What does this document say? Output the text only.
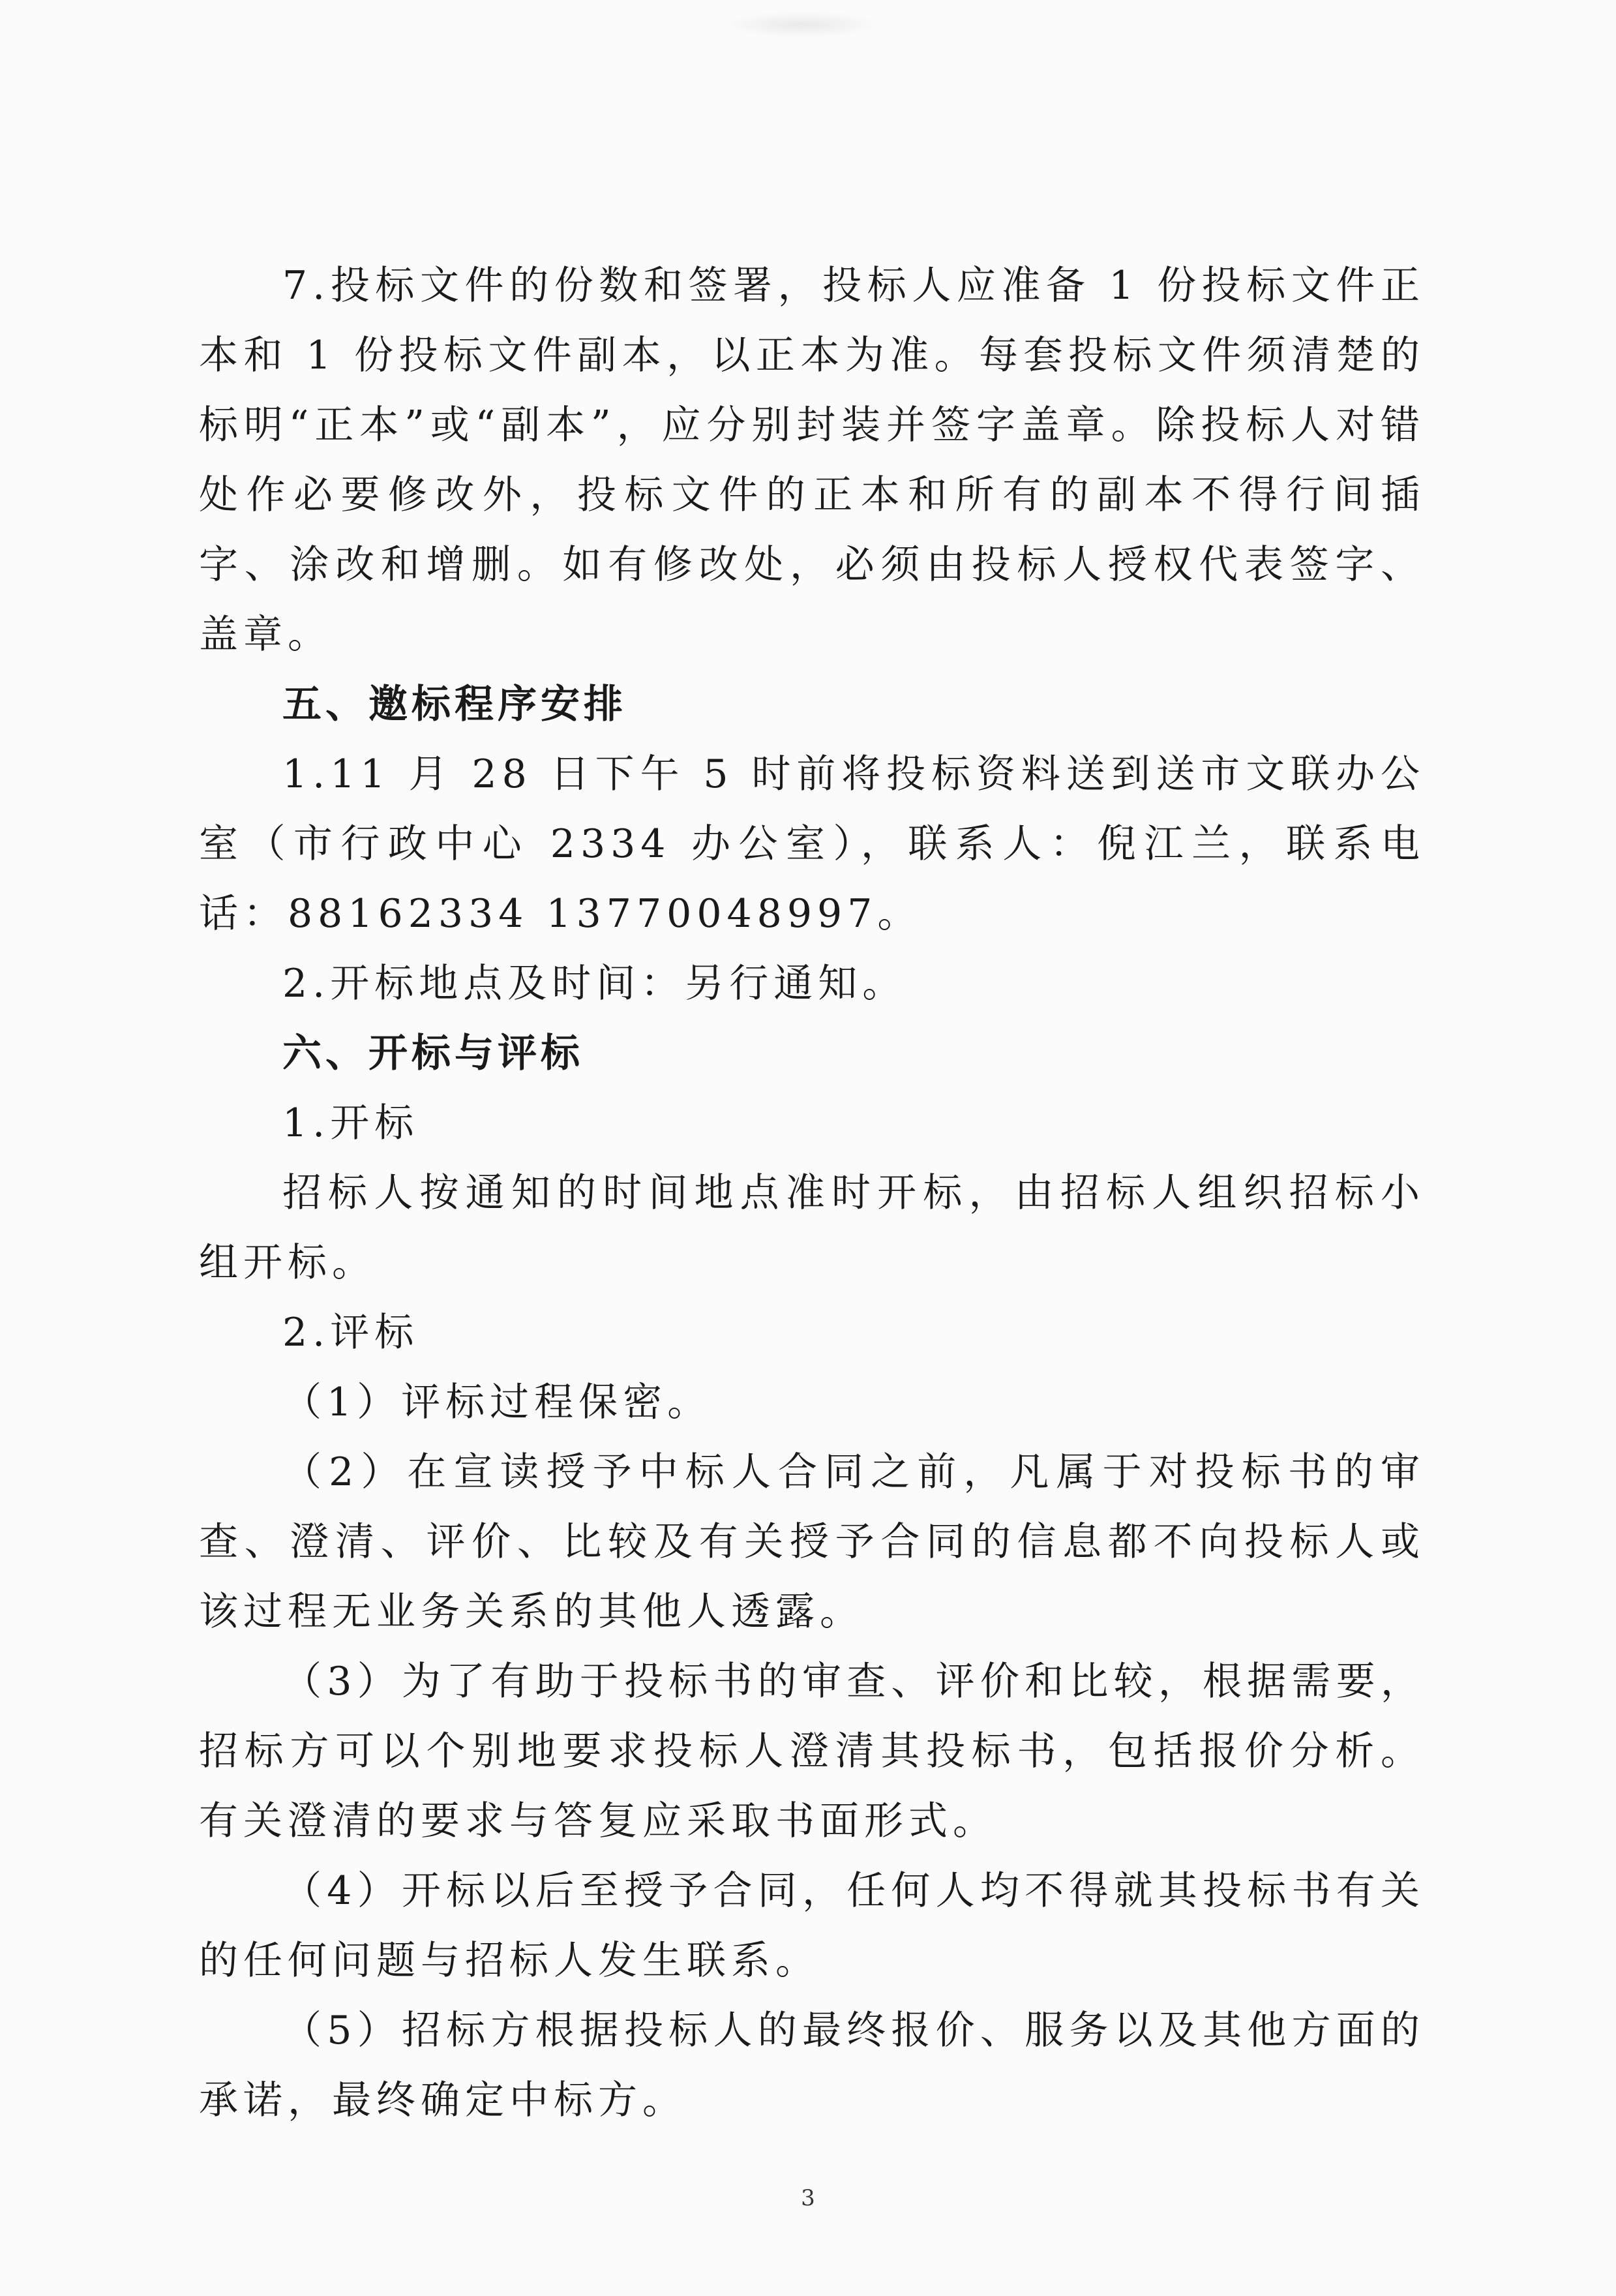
7.投标文件的份数和签署，投标人应准备 1 份投标文件正本和 1 份投标文件副本，以正本为准。每套投标文件须清楚的标明“正本”或“副本”，应分别封装并签字盖章。除投标人对错处作必要修改外，投标文件的正本和所有的副本不得行间插字、涂改和增删。如有修改处，必须由投标人授权代表签字、盖章。

五、邀标程序安排

1.11 月 28 日下午 5 时前将投标资料送到送市文联办公室（市行政中心 2334 办公室），联系人：倪江兰，联系电话：88162334 13770048997。

2.开标地点及时间：另行通知。

六、开标与评标

1.开标

招标人按通知的时间地点准时开标，由招标人组织招标小组开标。

2.评标

（1）评标过程保密。

（2）在宣读授予中标人合同之前，凡属于对投标书的审查、澄清、评价、比较及有关授予合同的信息都不向投标人或该过程无业务关系的其他人透露。

（3）为了有助于投标书的审查、评价和比较，根据需要，招标方可以个别地要求投标人澄清其投标书，包括报价分析。有关澄清的要求与答复应采取书面形式。

（4）开标以后至授予合同，任何人均不得就其投标书有关的任何问题与招标人发生联系。

（5）招标方根据投标人的最终报价、服务以及其他方面的承诺，最终确定中标方。

3
